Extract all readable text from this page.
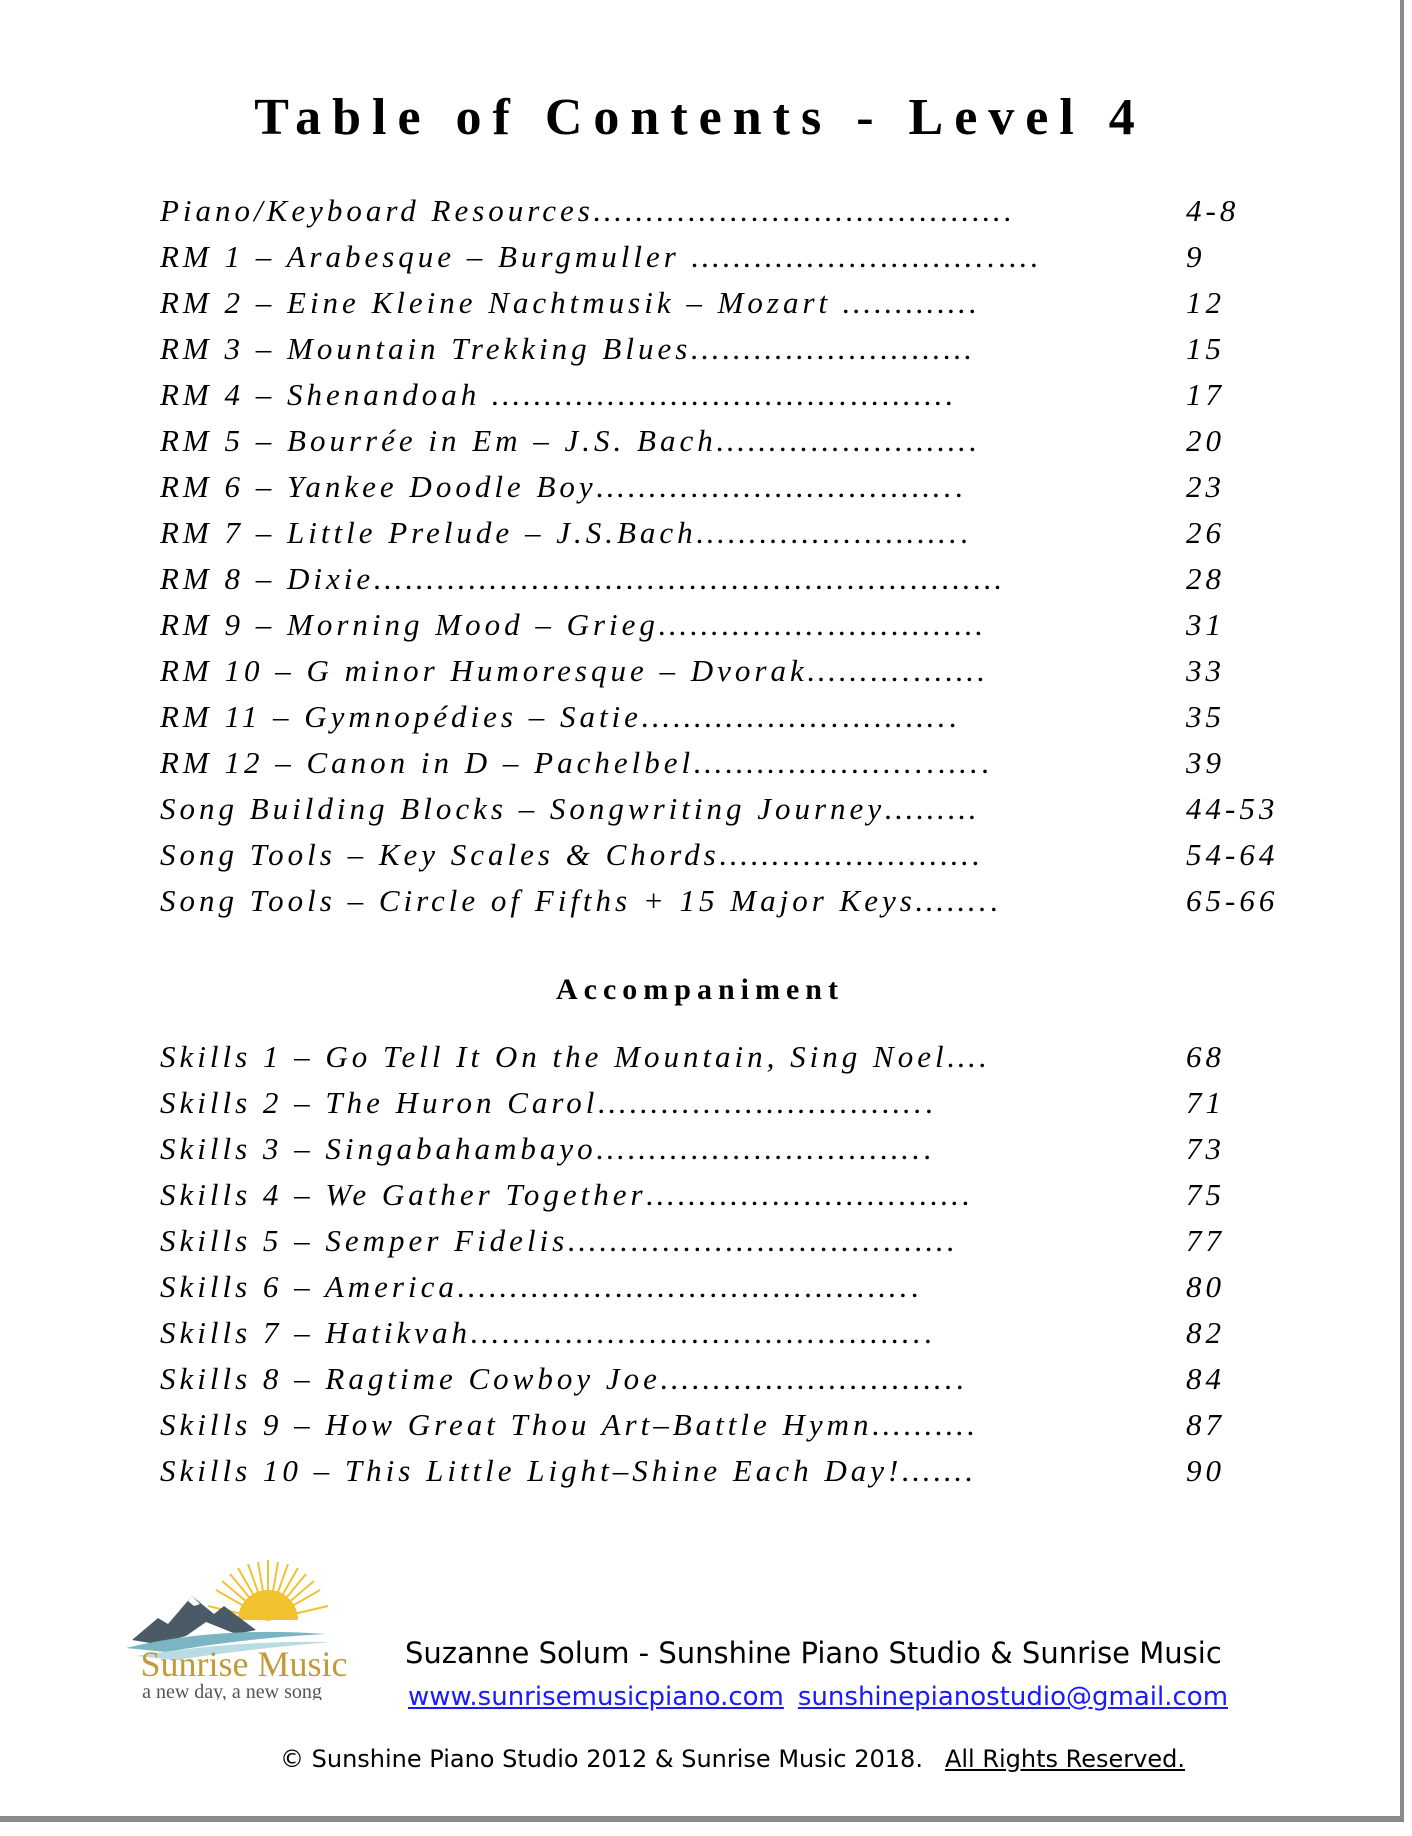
Table of Contents - Level 4
Piano/Keyboard Resources………………………………….	4-8
RM 1 – Arabesque – Burgmuller ………………………..….	9
RM 2 – Eine Kleine Nachtmusik – Mozart ………….	12
RM 3 – Mountain Trekking Blues………………………	15
RM 4 – Shenandoah …………………………….……….	17
RM 5 – Bourrée in Em – J.S. Bach…………………….	20
RM 6 – Yankee Doodle Boy……………………………..	23
RM 7 – Little Prelude – J.S.Bach……………………..	26
RM 8 – Dixie……………………………………………………	28
RM 9 – Morning Mood – Grieg…………….……………	31
RM 10 – G minor Humoresque – Dvorak……….…….	33
RM 11 – Gymnopédies – Satie……………….………..	35
RM 12 – Canon in D – Pachelbel…………………..…..	39
Song Building Blocks – Songwriting Journey………	44-53
Song Tools – Key Scales & Chords…………………….	54-64
Song Tools – Circle of Fifths + 15 Major Keys……..	65-66
Accompaniment
Skills 1 – Go Tell It On the Mountain, Sing Noel….	68
Skills 2 – The Huron Carol…………………………..	71
Skills 3 – Singabahambayo…………………………..	73
Skills 4 – We Gather Together………………………….	75
Skills 5 – Semper Fidelis……………………………….	77
Skills 6 – America……………………………………..	80
Skills 7 – Hatikvah……………………………………..	82
Skills 8 – Ragtime Cowboy Joe………………………..	84
Skills 9 – How Great Thou Art–Battle Hymn……….	87
Skills 10 – This Little Light–Shine Each Day!…….	90
Sunrise Music
a new day, a new song
Suzanne Solum - Sunshine Piano Studio & Sunrise Music
www.sunrisemusicpiano.com sunshinepianostudio@gmail.com
© Sunshine Piano Studio 2012 & Sunrise Music 2018. All Rights Reserved.
